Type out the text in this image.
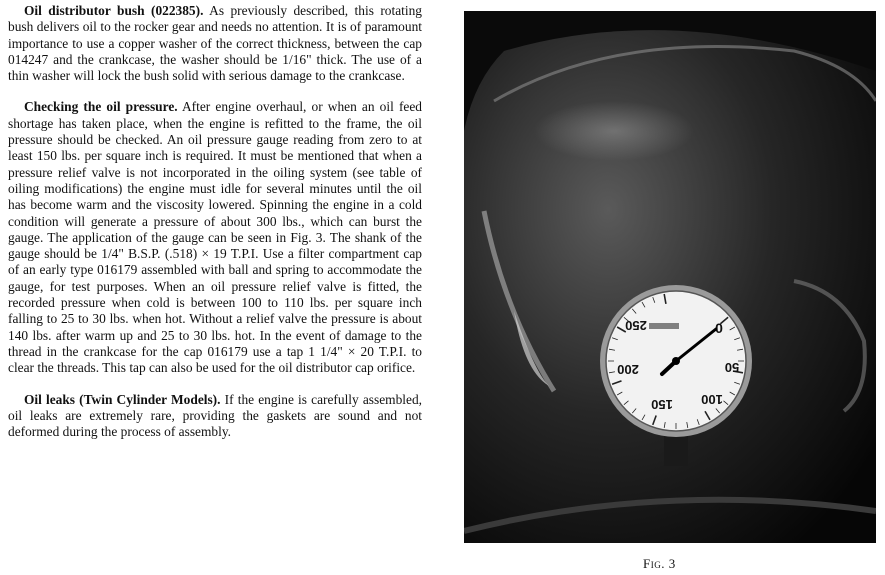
Oil distributor bush (022385). As previously described, this rotating bush delivers oil to the rocker gear and needs no attention. It is of paramount importance to use a copper washer of the correct thickness, between the cap 014247 and the crankcase, the washer should be 1/16" thick. The use of a thin washer will lock the bush solid with serious damage to the crankcase.

Checking the oil pressure. After engine overhaul, or when an oil feed shortage has taken place, when the engine is refitted to the frame, the oil pressure should be checked. An oil pressure gauge reading from zero to at least 150 lbs. per square inch is required. It must be mentioned that when a pressure relief valve is not incorporated in the oiling system (see table of oiling modifications) the engine must idle for several minutes until the oil has become warm and the viscosity lowered. Spinning the engine in a cold condition will generate a pressure of about 300 lbs., which can burst the gauge. The application of the gauge can be seen in Fig. 3. The shank of the gauge should be 1/4" B.S.P. (.518) × 19 T.P.I. Use a filter compartment cap of an early type 016179 assembled with ball and spring to accommodate the gauge, for test purposes. When an oil pressure relief valve is fitted, the recorded pressure when cold is between 100 to 110 lbs. per square inch falling to 25 to 30 lbs. when hot. Without a relief valve the pressure is about 140 lbs. after warm up and 25 to 30 lbs. hot. In the event of damage to the thread in the crankcase for the cap 016179 use a tap 1 1/4" × 20 T.P.I. to clear the threads. This tap can also be used for the oil distributor cap orifice.

Oil leaks (Twin Cylinder Models). If the engine is carefully assembled, oil leaks are extremely rare, providing the gaskets are sound and not deformed during the process of assembly.

0
50
100
150
200
250
Fig. 3
